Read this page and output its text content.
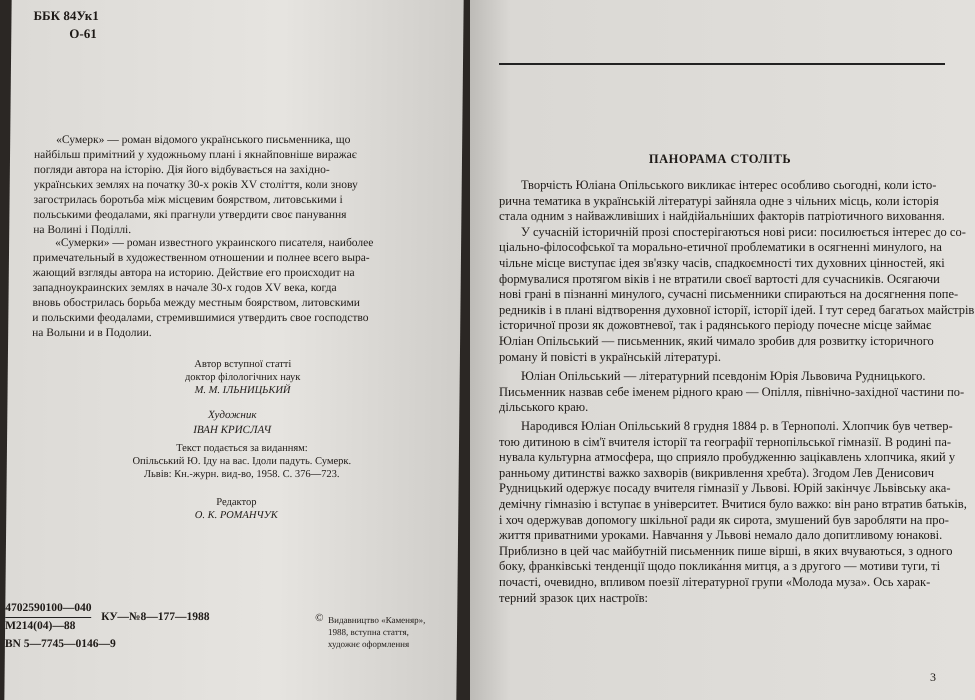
ББК 84Ук1
О-61
«Сумерк» — роман відомого українського письменника, що
найбільш примітний у художньому плані і якнайповніше виражає
погляди автора на історію. Дія його відбувається на західно-
українських землях на початку 30-х років XV століття, коли знову
загострилась боротьба між місцевим боярством, литовськими і
польськими феодалами, які прагнули утвердити своє панування
на Волині і Поділлі.
«Сумерки» — роман известного украинского писателя, наиболее
примечательный в художественном отношении и полнее всего выра-
жающий взгляды автора на историю. Действие его происходит на
западноукраинских землях в начале 30-х годов XV века, когда
вновь обострилась борьба между местным боярством, литовскими
и польскими феодалами, стремившимися утвердить свое господство
на Волыни и в Подолии.
Автор вступної статті
доктор філологічних наук
М. М. ІЛЬНИЦЬКИЙ
Художник
ІВАН КРИСЛАЧ
Текст подається за виданням:
Опільський Ю. Іду на вас. Ідоли падуть. Сумерк.
Львів: Кн.-журн. вид-во, 1958. С. 376—723.
Редактор
О. К. РОМАНЧУК
4702590100—040
М214(04)—88
КУ—№8—177—1988
BN 5—7745—0146—9
© Видавництво «Каменяр»,
1988, вступна стаття,
художнє оформлення
ПАНОРАМА СТОЛІТЬ
Творчість Юліана Опільського викликає інтерес особливо сьогодні, коли істо-
рична тематика в українській літературі зайняла одне з чільних місць, коли історія
стала одним з найважливіших і найдійальніших факторів патріотичного виховання.
У сучасній історичній прозі спостерігаються нові риси: посилюється інтерес до со-
ціально-філософської та морально-етичної проблематики в осягненні минулого, на
чільне місце виступає ідея зв'язку часів, спадкоємності тих духовних цінностей, які
формувалися протягом віків і не втратили своєї вартості для сучасників. Осягаючи
нові грані в пізнанні минулого, сучасні письменники спираються на досягнення попе-
редників і в плані відтворення духовної історії, історії ідей. І тут серед багатьох майстрів
історичної прози як дожовтневої, так і радянського періоду почесне місце займає
Юліан Опільський — письменник, який чимало зробив для розвитку історичного
роману й повісті в українській літературі.
Юліан Опільський — літературний псевдонім Юрія Львовича Рудницького.
Письменник назвав себе іменем рідного краю — Опілля, північно-західної частини по-
дільського краю.
Народився Юліан Опільський 8 грудня 1884 р. в Тернополі. Хлопчик був четвер-
тою дитиною в сім'ї вчителя історії та географії тернопільської гімназії. В родині па-
нувала культурна атмосфера, що сприяло пробудженню зацікавлень хлопчика, який у
ранньому дитинстві важко захворів (викривлення хребта). Згодом Лев Денисович
Рудницький одержує посаду вчителя гімназії у Львові. Юрій закінчує Львівську ака-
демічну гімназію і вступає в університет. Вчитися було важко: він рано втратив батьків,
і хоч одержував допомогу шкільної ради як сирота, змушений був заробляти на про-
життя приватними уроками. Навчання у Львові немало дало допитливому юнакові.
Приблизно в цей час майбутній письменник пише вірші, в яких вчуваються, з одного
боку, франківські тенденції щодо поклика́ння митця, а з другого — мотиви туги, ті
почасті, очевидно, впливом поезії літературної групи «Молода муза». Ось харак-
терний зразок цих настроїв:
3
